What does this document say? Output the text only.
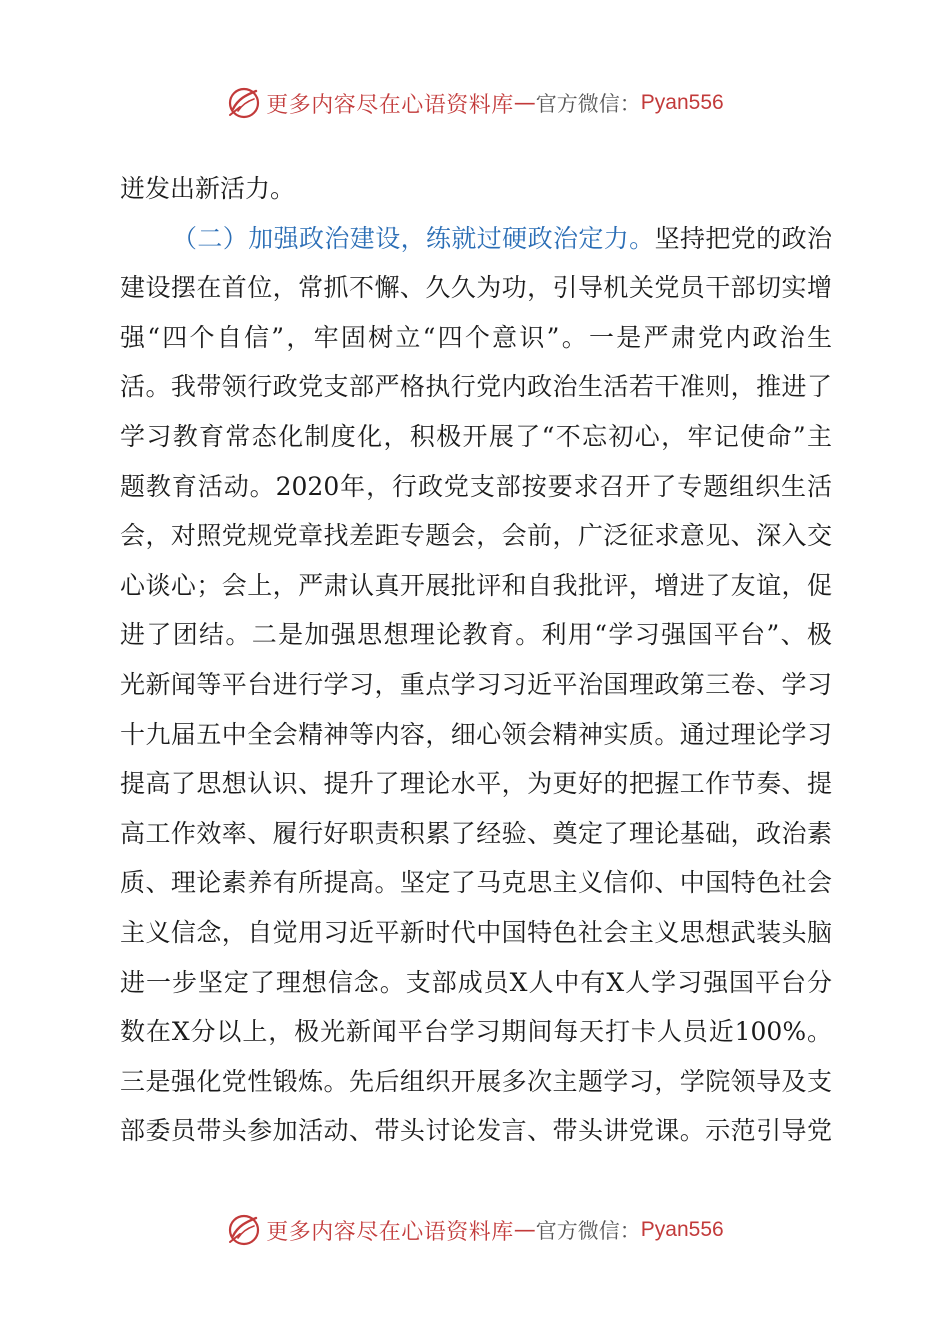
更多内容尽在心语资料库 — 官方微信： Pyan556
迸发出新活力。
（二）加强政治建设，练就过硬政治定力。坚持把党的政治
建设摆在首位，常抓不懈、久久为功，引导机关党员干部切实增
强“四个自信”，牢固树立“四个意识”。一是严肃党内政治生
活。我带领行政党支部严格执行党内政治生活若干准则，推进了
学习教育常态化制度化，积极开展了“不忘初心，牢记使命”主
题教育活动。2020年，行政党支部按要求召开了专题组织生活
会，对照党规党章找差距专题会，会前，广泛征求意见、深入交
心谈心；会上，严肃认真开展批评和自我批评，增进了友谊，促
进了团结。二是加强思想理论教育。利用“学习强国平台”、极
光新闻等平台进行学习，重点学习习近平治国理政第三卷、学习
十九届五中全会精神等内容，细心领会精神实质。通过理论学习
提高了思想认识、提升了理论水平，为更好的把握工作节奏、提
高工作效率、履行好职责积累了经验、奠定了理论基础，政治素
质、理论素养有所提高。坚定了马克思主义信仰、中国特色社会
主义信念，自觉用习近平新时代中国特色社会主义思想武装头脑
进一步坚定了理想信念。支部成员X人中有X人学习强国平台分
数在X分以上，极光新闻平台学习期间每天打卡人员近100%。
三是强化党性锻炼。先后组织开展多次主题学习，学院领导及支
部委员带头参加活动、带头讨论发言、带头讲党课。示范引导党
更多内容尽在心语资料库 — 官方微信： Pyan556
